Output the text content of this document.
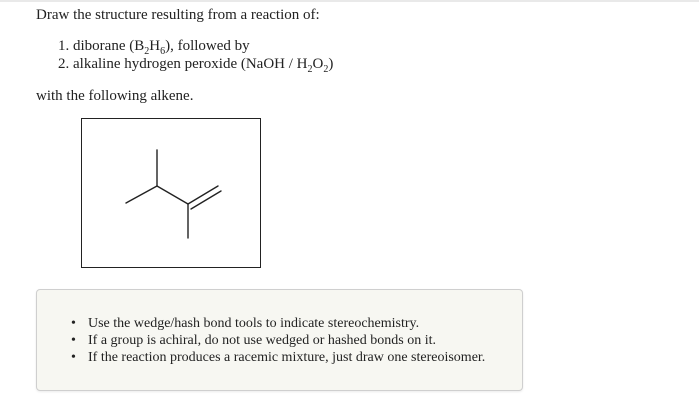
Draw the structure resulting from a reaction of:
1. diborane $(B_2H_6)$, followed by
2. alkaline hydrogen peroxide (NaOH / $H_2O_2$)
with the following alkene.
• Use the wedge/hash bond tools to indicate stereochemistry.
• If a group is achiral, do not use wedged or hashed bonds on it.
• If the reaction produces a racemic mixture, just draw one stereoisomer.
